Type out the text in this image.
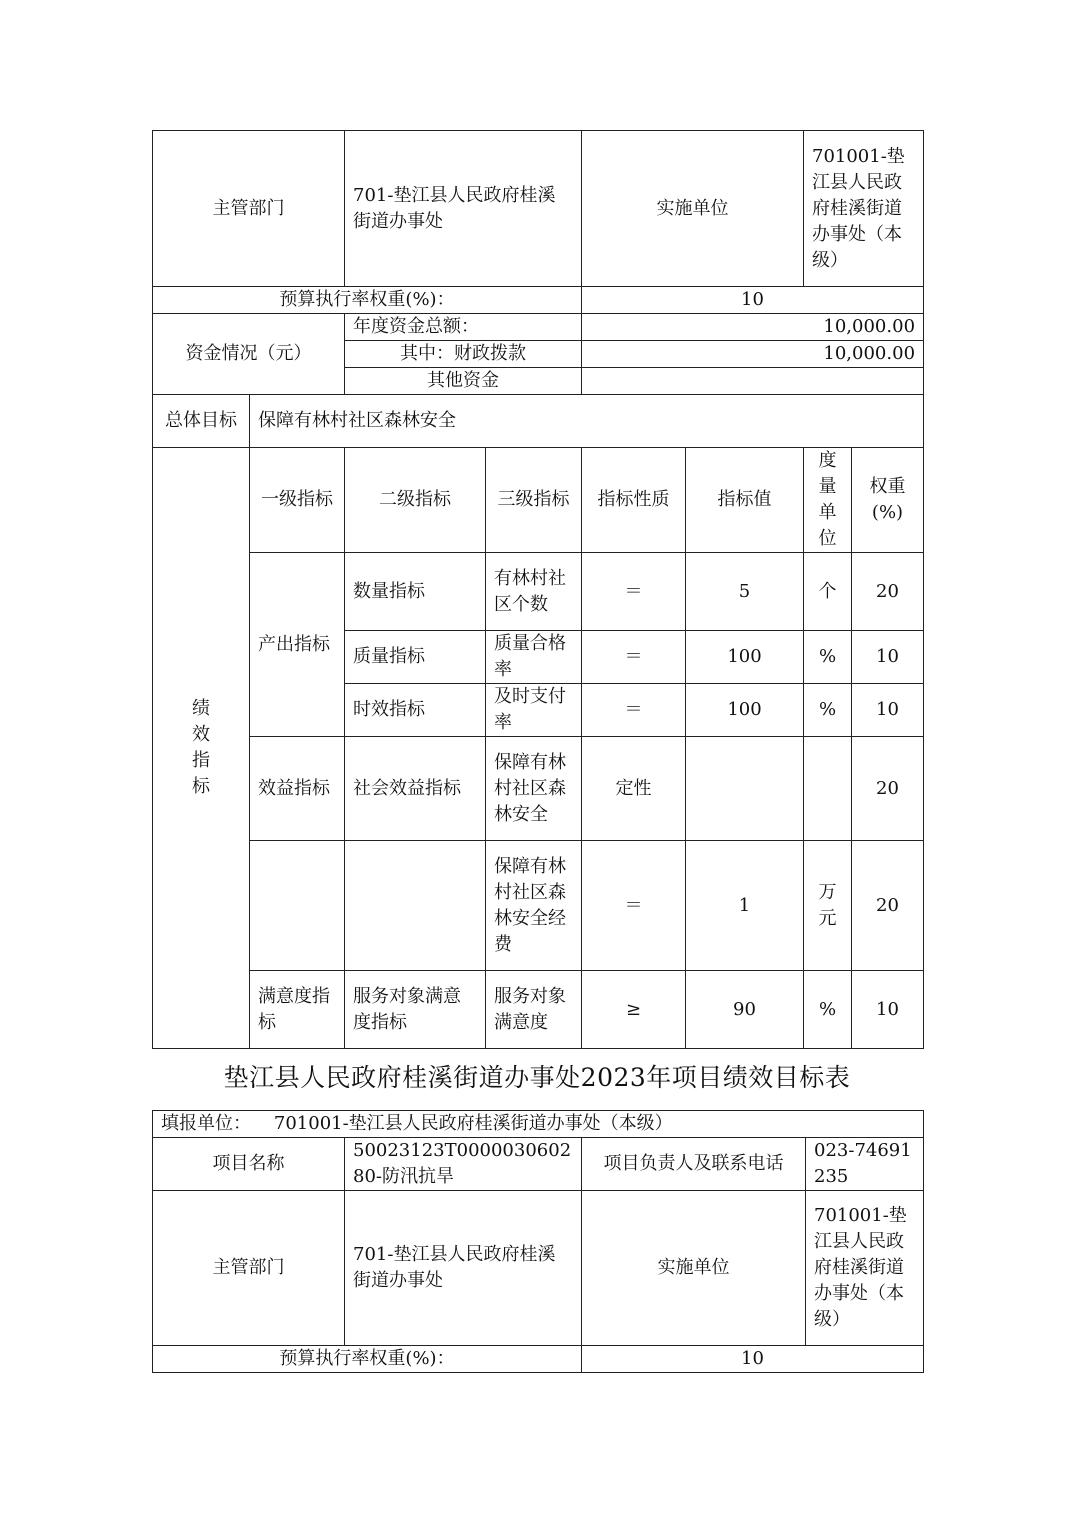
主管部门		701-垫江县人民政府桂溪街道办事处		实施单位		701001-垫江县人民政府桂溪街道办事处（本级）	
预算执行率权重(%)：				10			
资金情况（元）		年度资金总额：		10,000.00			
		其中：财政拨款		10,000.00			
		其他资金					
总体目标	保障有林村社区森林安全						
绩效指标	一级指标	二级指标	三级指标	指标性质	指标值	度量单位	权重(%)
	产出指标	数量指标	有林村社区个数	＝	5	个	20
		质量指标	质量合格率	＝	100	%	10
		时效指标	及时支付率	＝	100	%	10
	效益指标	社会效益指标	保障有林村社区森林安全	定性			20
			保障有林村社区森林安全经费	＝	1	万元	20
	满意度指标	服务对象满意度指标	服务对象满意度	≥	90	%	10
垫江县人民政府桂溪街道办事处2023年项目绩效目标表
填报单位： 701001-垫江县人民政府桂溪街道办事处（本级）			
项目名称	50023123T000003060280-防汛抗旱	项目负责人及联系电话	023-74691235
主管部门	701-垫江县人民政府桂溪街道办事处	实施单位	701001-垫江县人民政府桂溪街道办事处（本级）
预算执行率权重(%)：		10	
